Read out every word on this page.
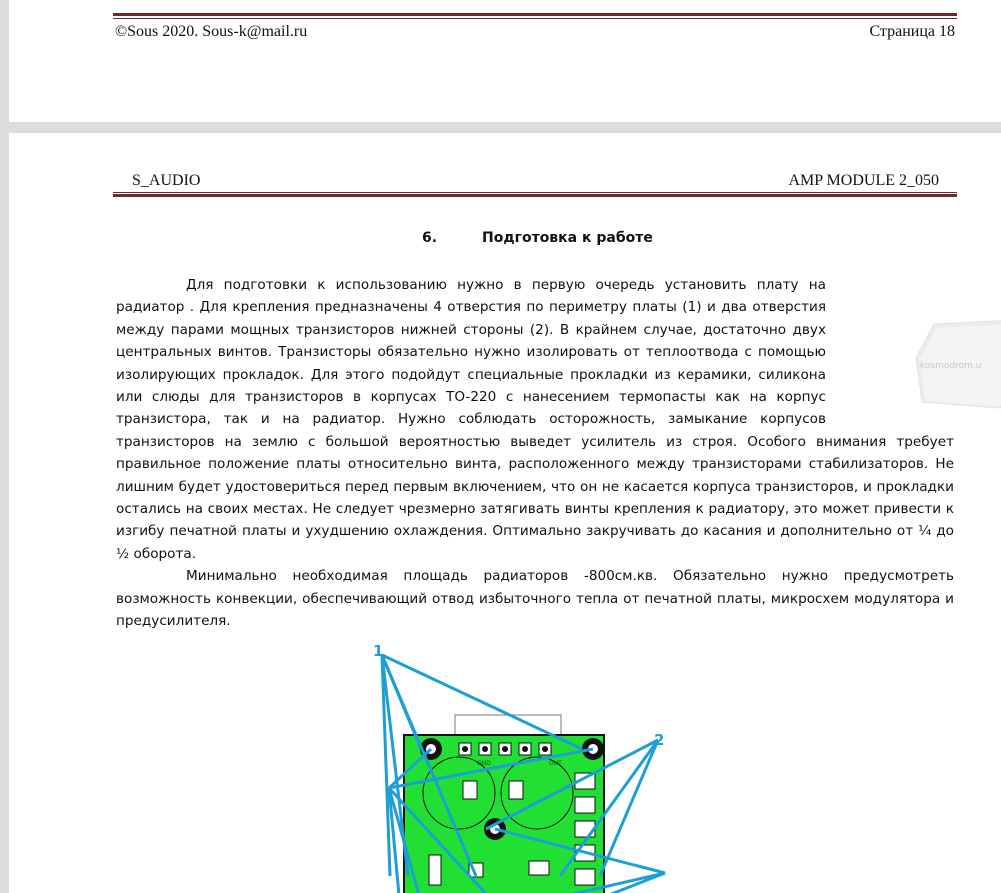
©Sous 2020. Sous-k@mail.ru	Страница 18
S_AUDIO	AMP MODULE 2_050
6.	Подготовка к работе

kosmodrom.u
Для подготовки к использованию нужно в первую очередь установить плату на радиатор . Для крепления предназначены 4 отверстия по периметру платы (1) и два отверстия между парами мощных транзисторов нижней стороны (2). В крайнем случае, достаточно двух центральных винтов. Транзисторы обязательно нужно изолировать от теплоотвода с помощью изолирующих прокладок. Для этого подойдут специальные прокладки из керамики, силикона или слюды для транзисторов в корпусах TO-220 с нанесением термопасты как на корпус транзистора, так и на радиатор. Нужно соблюдать осторожность, замыкание корпусов транзисторов на землю с большой вероятностью выведет усилитель из строя. Особого внимания требует правильное положение платы относительно винта, расположенного между транзисторами стабилизаторов. Не лишним будет удостовериться перед первым включением, что он не касается корпуса транзисторов, и прокладки остались на своих местах. Не следует чрезмерно затягивать винты крепления к радиатору, это может привести к изгибу печатной платы и ухудшению охлаждения. Оптимально закручивать до касания и дополнительно от ¼ до ½ оборота.

Минимально необходимая площадь радиаторов -800см.кв. Обязательно нужно предусмотреть возможность конвекции, обеспечивающий отвод избыточного тепла от печатной платы, микросхем модулятора и предусилителя.

GND	OUT
1
2
